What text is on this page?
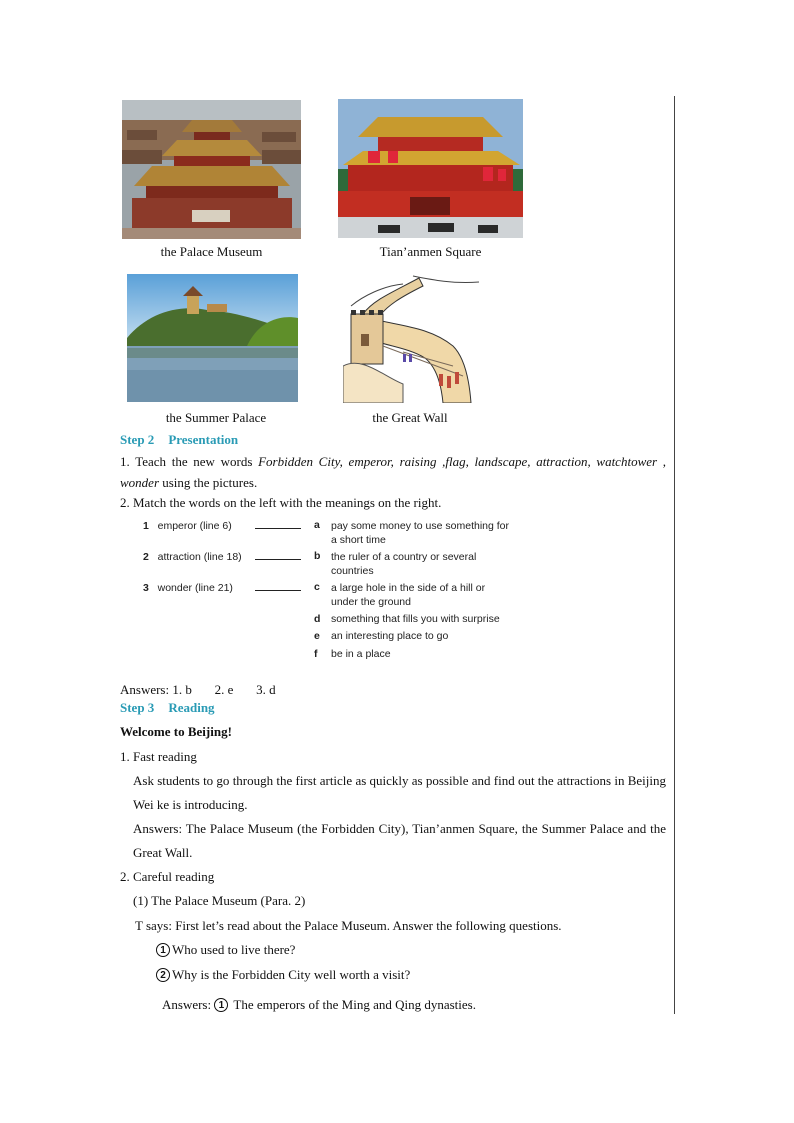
the Palace Museum	Tian’anmen Square
the Summer Palace	the Great Wall
Step 2 Presentation
1. Teach the new words Forbidden City, emperor, raising ,flag, landscape, attraction, watchtower , wonder using the pictures.
2. Match the words on the left with the meanings on the right.
1 emperor (line 6)
2 attraction (line 18)
3 wonder (line 21)
a pay some money to use something for
a short time
b the ruler of a country or several
countries
c a large hole in the side of a hill or
under the ground
d something that fills you with surprise
e an interesting place to go
f be in a place
Answers: 1. b       2. e       3. d
Step 3 Reading
Welcome to Beijing!
1. Fast reading
Ask students to go through the first article as quickly as possible and find out the attractions in Beijing Wei ke is introducing.
Answers: The Palace Museum (the Forbidden City), Tian’anmen Square, the Summer Palace and the Great Wall.
2. Careful reading
(1) The Palace Museum (Para. 2)
T says: First let’s read about the Palace Museum. Answer the following questions.
1 Who used to live there?
2 Why is the Forbidden City well worth a visit?
Answers: 1 The emperors of the Ming and Qing dynasties.
